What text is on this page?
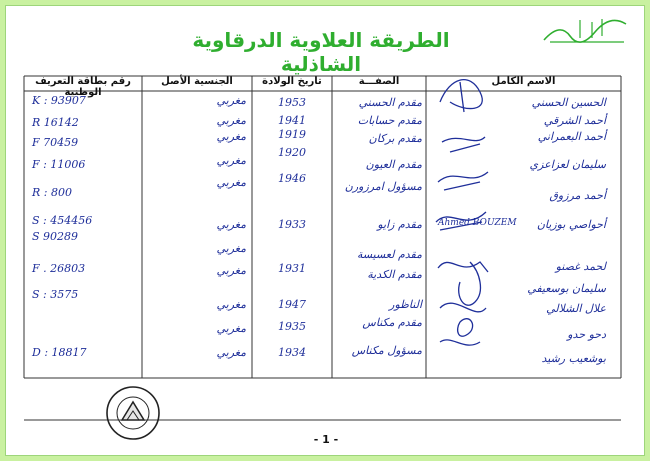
الطريقة العلاوية الدرقاوية الشاذلية
الاسم الكامل
الصفـــة
تاريخ الولادة
الجنسية الأصل
رقم بطاقة التعريف الوطنية
الحسين الحسني
أحمد الشرقي
أحمد البعمراني
سليمان لعزاعزي
أحمد مرزوق
أحواصي بوزيان
لحمد غصنو
سليمان بوسعيفي
علال الشلالي
دحو حدو
بوشعيب رشيد
مقدم الحسني
مقدم حسابات
مقدم بركان
مقدم العيون
مسؤول امرزورن
مقدم زايو
مقدم لعسيسة
مقدم الكدية
الناظور
مقدم مكناس
مسؤول مكناس
1953
1941
1919
1920
1946
1933
1931
1947
1935
1934
مغربي
مغربي
مغربي
مغربي
مغربي
مغربي
مغربي
مغربي
مغربي
مغربي
مغربي
K : 93907
R 16142
F 70459
F : 11006
R : 800
S : 454456
S 90289
F . 26803
S : 3575
D : 18817
Ahmed BOUZEM
- 1 -
